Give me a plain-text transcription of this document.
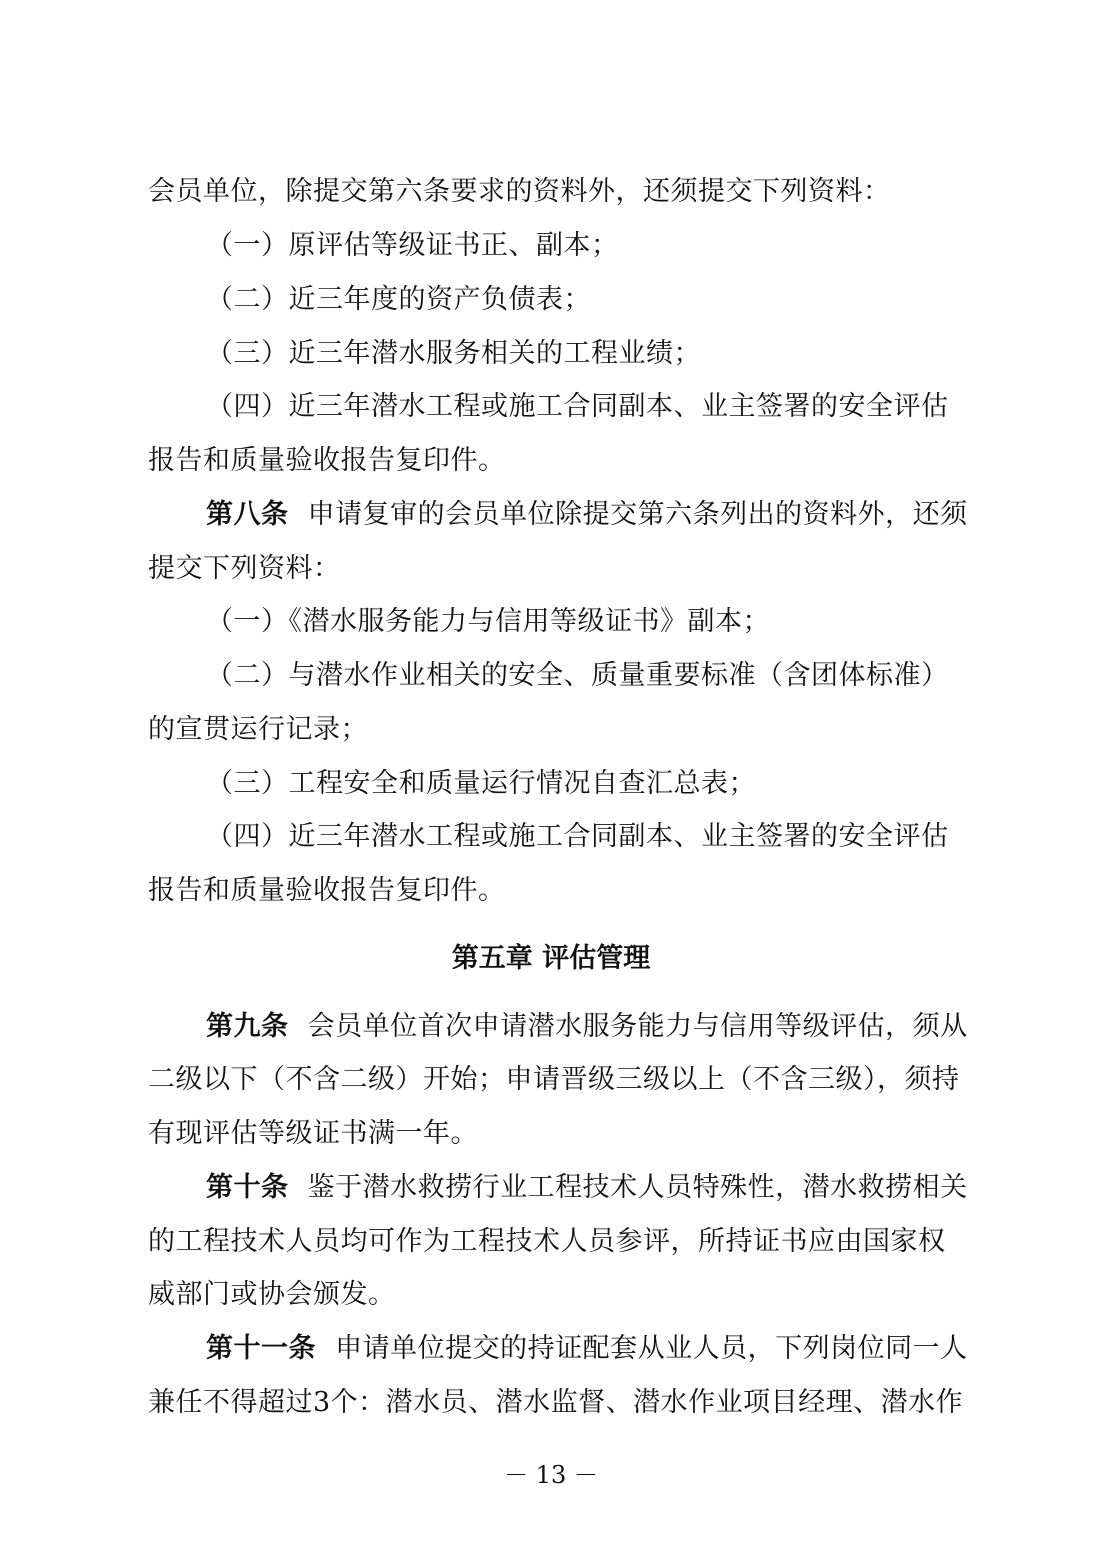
会员单位，除提交第六条要求的资料外，还须提交下列资料：
（一）原评估等级证书正、副本；
（二）近三年度的资产负债表；
（三）近三年潜水服务相关的工程业绩；
（四）近三年潜水工程或施工合同副本、业主签署的安全评估
报告和质量验收报告复印件。
第八条 申请复审的会员单位除提交第六条列出的资料外，还须
提交下列资料：
（一）《潜水服务能力与信用等级证书》副本；
（二）与潜水作业相关的安全、质量重要标准（含团体标准）
的宣贯运行记录；
（三）工程安全和质量运行情况自查汇总表；
（四）近三年潜水工程或施工合同副本、业主签署的安全评估
报告和质量验收报告复印件。
第五章 评估管理
第九条 会员单位首次申请潜水服务能力与信用等级评估，须从
二级以下（不含二级）开始；申请晋级三级以上（不含三级），须持
有现评估等级证书满一年。
第十条 鉴于潜水救捞行业工程技术人员特殊性，潜水救捞相关
的工程技术人员均可作为工程技术人员参评，所持证书应由国家权
威部门或协会颁发。
第十一条 申请单位提交的持证配套从业人员，下列岗位同一人
兼任不得超过3个：潜水员、潜水监督、潜水作业项目经理、潜水作
－ 13 －
